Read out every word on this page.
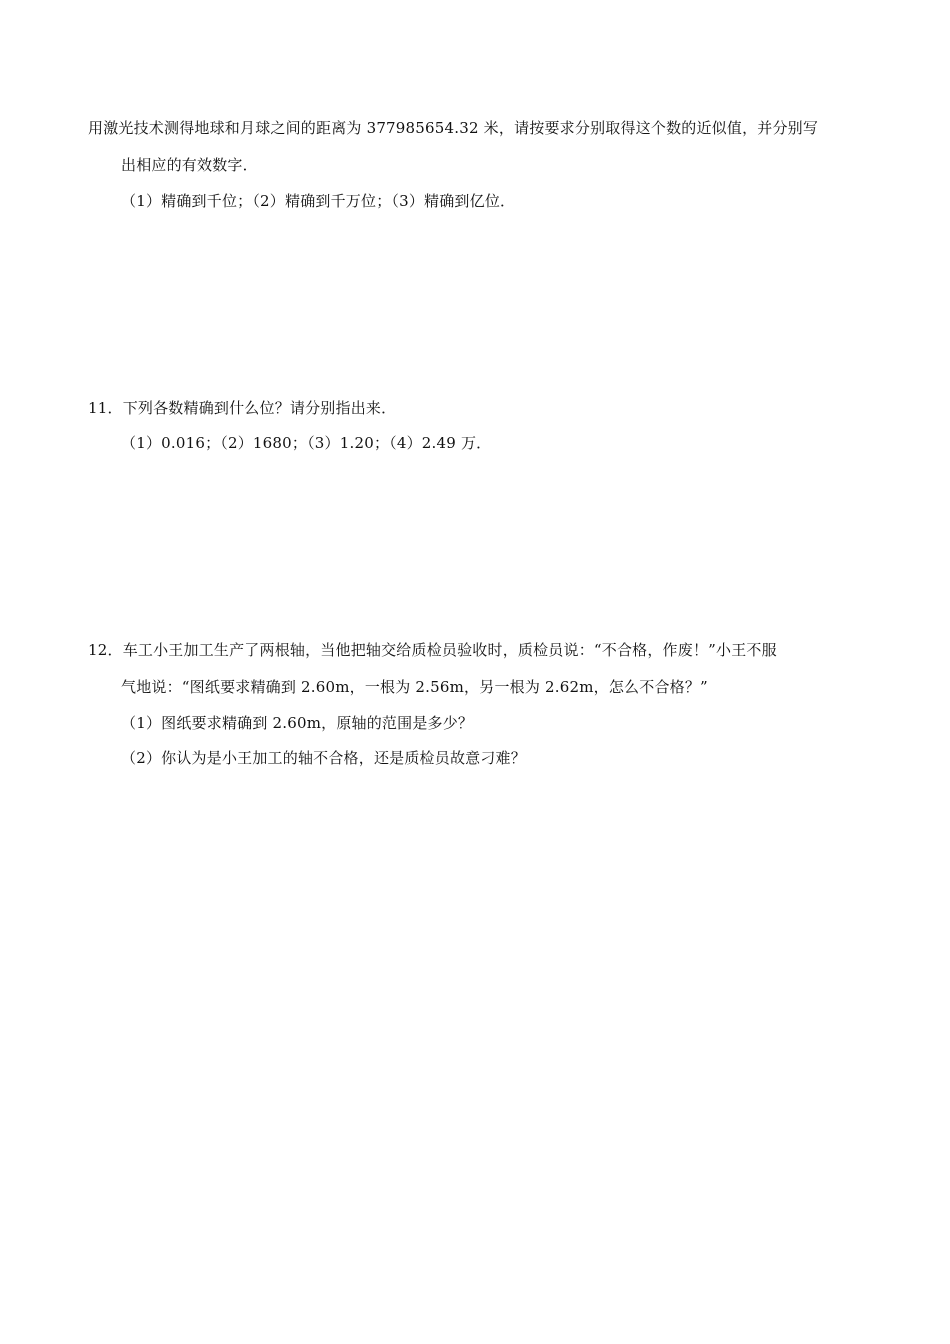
用激光技术测得地球和月球之间的距离为 377985654.32 米，请按要求分别取得这个数的近似值，并分别写
出相应的有效数字．
（1）精确到千位；（2）精确到千万位；（3）精确到亿位．
11．下列各数精确到什么位？请分别指出来．
（1）0.016；（2）1680；（3）1.20；（4）2.49 万．
12．车工小王加工生产了两根轴，当他把轴交给质检员验收时，质检员说：“不合格，作废！”小王不服
气地说：“图纸要求精确到 2.60m，一根为 2.56m，另一根为 2.62m，怎么不合格？”
（1）图纸要求精确到 2.60m，原轴的范围是多少？
（2）你认为是小王加工的轴不合格，还是质检员故意刁难？
